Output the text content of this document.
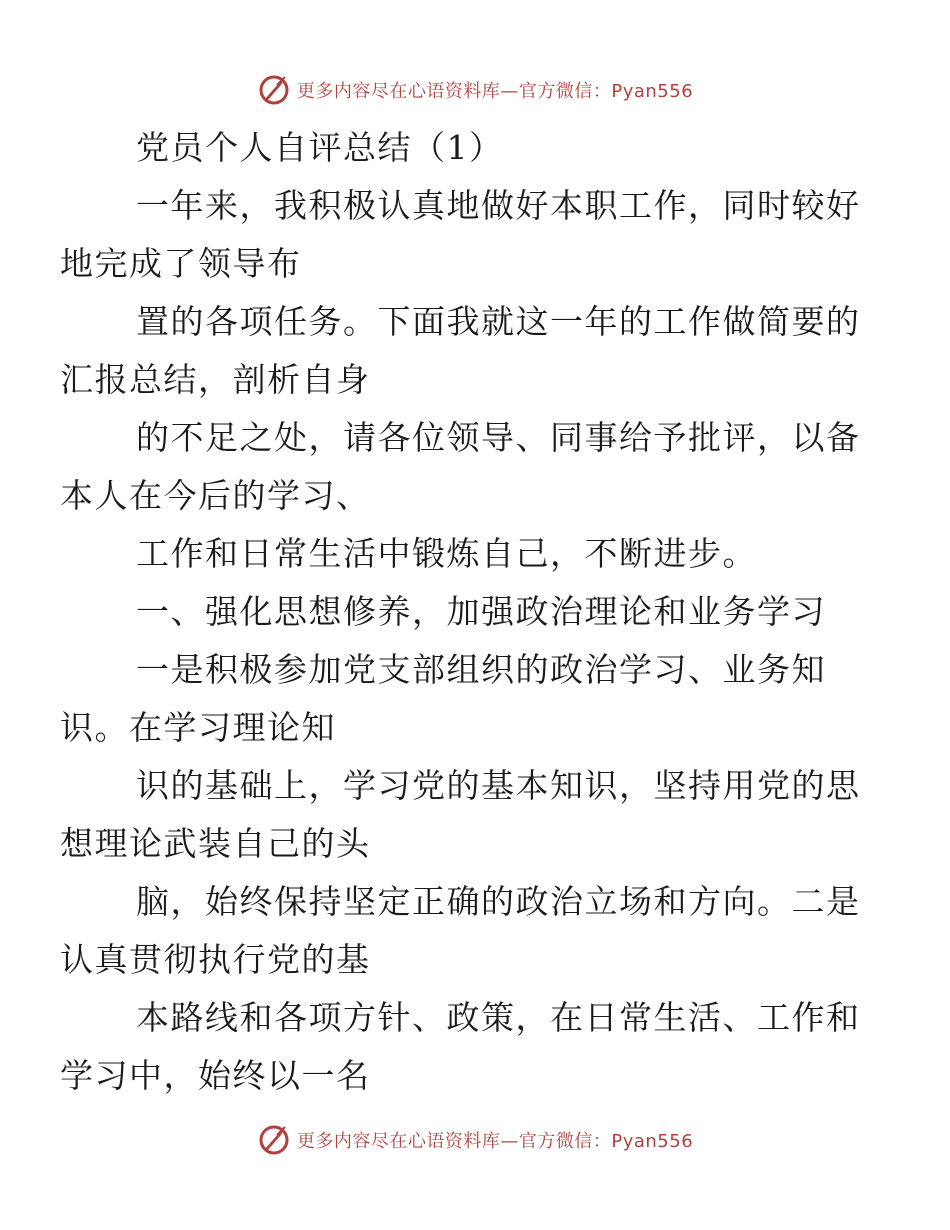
更多内容尽在心语资料库—官方微信：Pyan556

党员个人自评总结（1）

一年来，我积极认真地做好本职工作，同时较好
地完成了领导布

置的各项任务。下面我就这一年的工作做简要的
汇报总结，剖析自身

的不足之处，请各位领导、同事给予批评，以备
本人在今后的学习、

工作和日常生活中锻炼自己，不断进步。

一、强化思想修养，加强政治理论和业务学习

一是积极参加党支部组织的政治学习、业务知
识。在学习理论知

识的基础上，学习党的基本知识，坚持用党的思
想理论武装自己的头

脑，始终保持坚定正确的政治立场和方向。二是
认真贯彻执行党的基

本路线和各项方针、政策，在日常生活、工作和
学习中，始终以一名

更多内容尽在心语资料库—官方微信：Pyan556
